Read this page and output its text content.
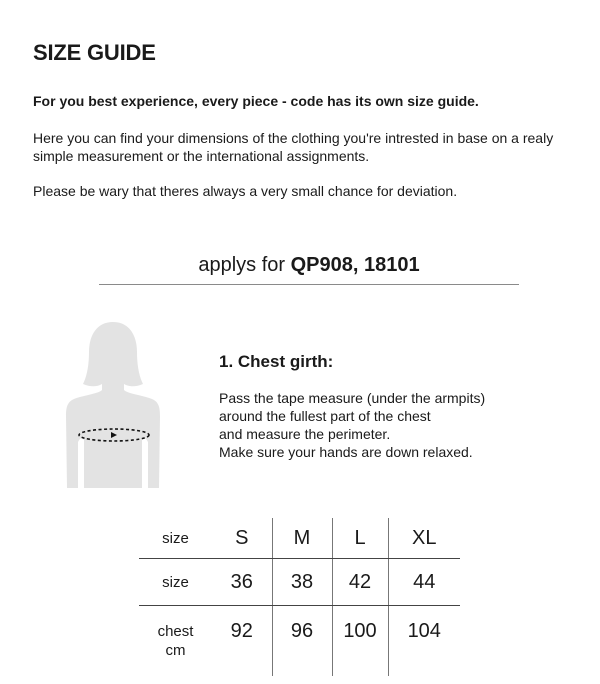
SIZE GUIDE

For you best experience, every piece - code has its own size guide.

Here you can find your dimensions of the clothing you're intrested in base on a realy simple measurement or the international assignments.

Please be wary that theres always a very small chance for deviation.

applys for QP908, 18101
1. Chest girth:
Pass the tape measure (under the armpits)
around the fullest part of the chest
and measure the perimeter.
Make sure your hands are down relaxed.
size	S	M	L	XL
size	36	38	42	44
chest
cm	92	96	100	104
